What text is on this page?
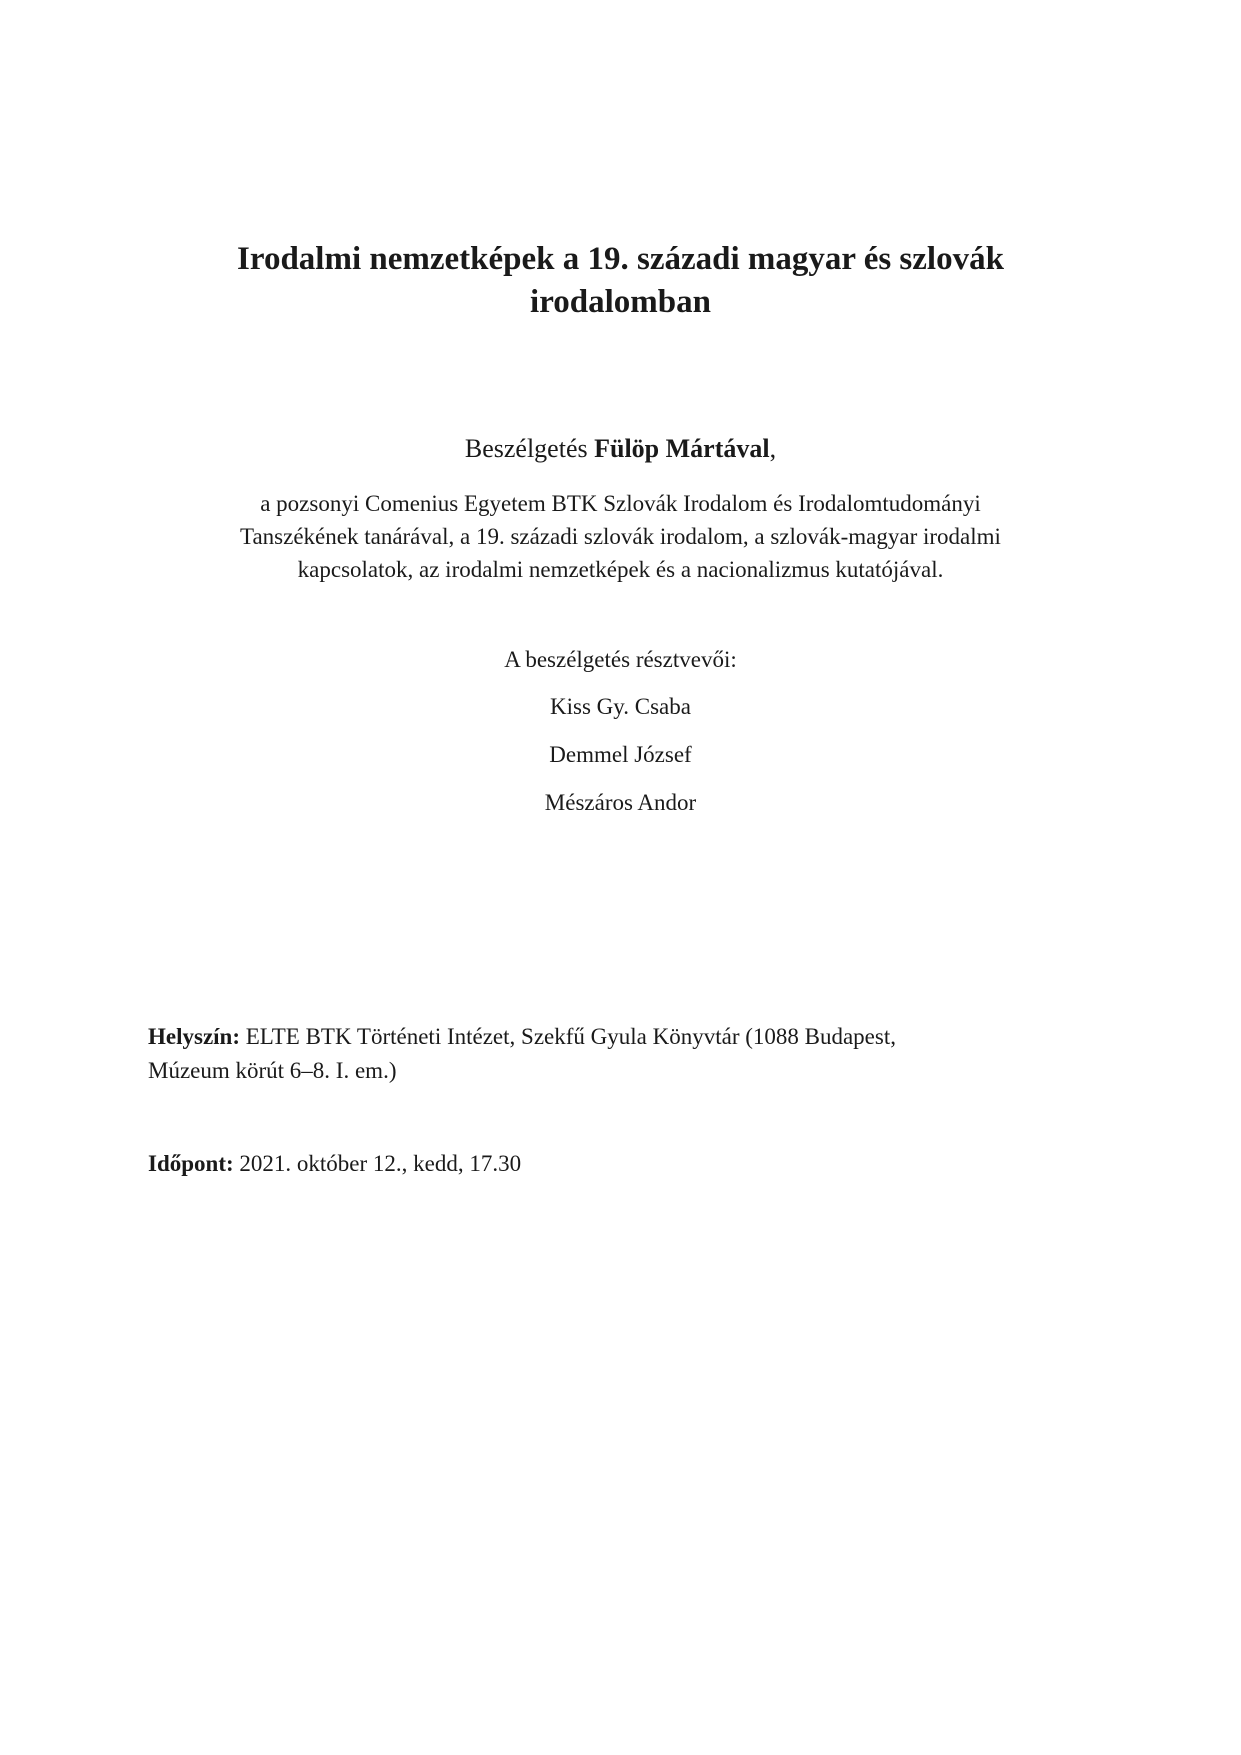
Irodalmi nemzetképek a 19. századi magyar és szlovák
irodalomban
Beszélgetés Fülöp Mártával,
a pozsonyi Comenius Egyetem BTK Szlovák Irodalom és Irodalomtudományi
Tanszékének tanárával, a 19. századi szlovák irodalom, a szlovák-magyar irodalmi
kapcsolatok, az irodalmi nemzetképek és a nacionalizmus kutatójával.
A beszélgetés résztvevői:
Kiss Gy. Csaba
Demmel József
Mészáros Andor
Helyszín: ELTE BTK Történeti Intézet, Szekfű Gyula Könyvtár (1088 Budapest,
Múzeum körút 6–8. I. em.)
Időpont: 2021. október 12., kedd, 17.30
